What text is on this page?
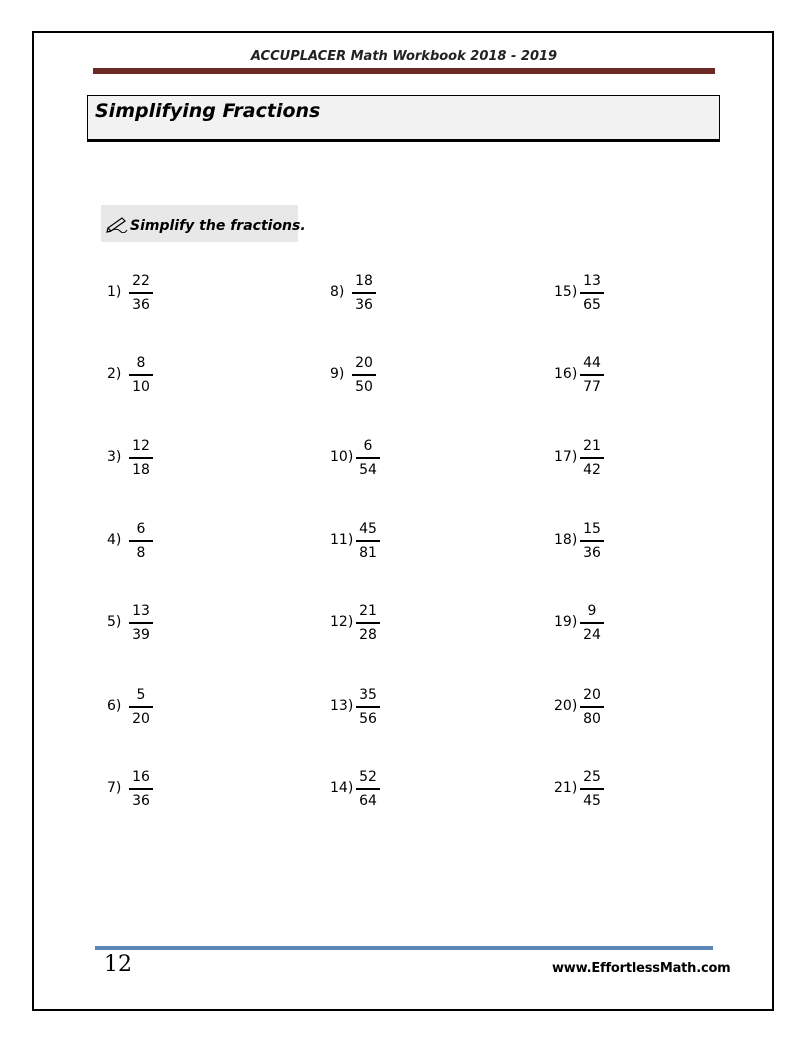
ACCUPLACER Math Workbook 2018 - 2019
Simplifying Fractions
Simplify the fractions.
1)
22
36
2)
8
10
3)
12
18
4)
6
8
5)
13
39
6)
5
20
7)
16
36
8)
18
36
9)
20
50
10)
6
54
11)
45
81
12)
21
28
13)
35
56
14)
52
64
15)
13
65
16)
44
77
17)
21
42
18)
15
36
19)
9
24
20)
20
80
21)
25
45
12	www.EffortlessMath.com
